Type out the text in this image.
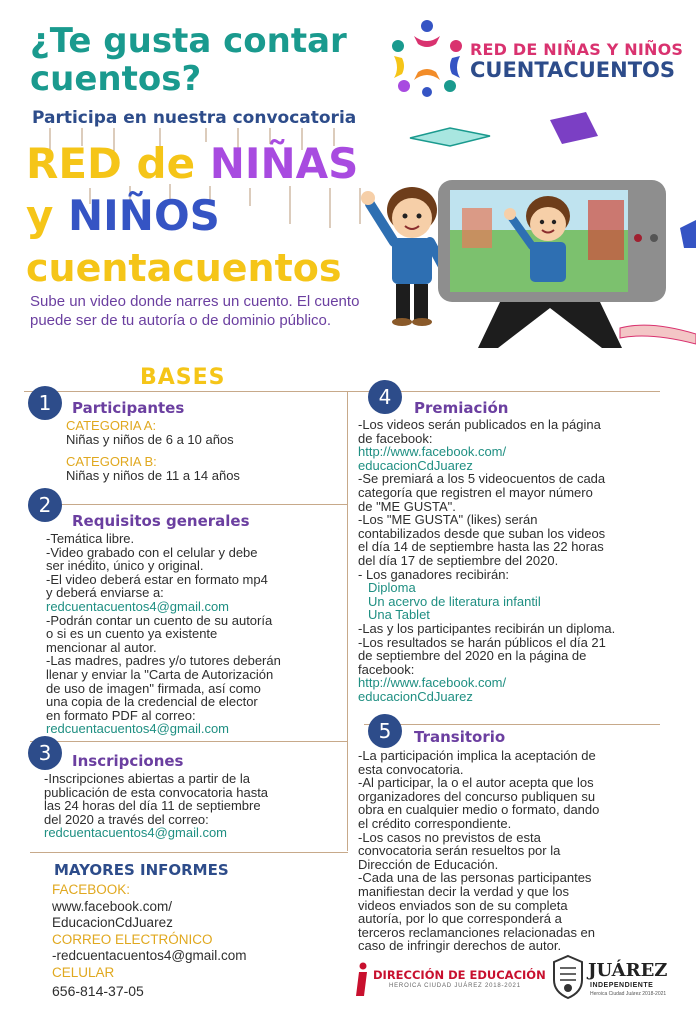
¿Te gusta contar
cuentos?
Participa en nuestra convocatoria
RED DE NIÑAS Y NIÑOS
CUENTACUENTOS
RED de NIÑAS
y NIÑOS
cuentacuentos
Sube un video donde narres un cuento. El cuento puede ser de tu autoría o de dominio público.
BASES
1	Participantes
CATEGORIA A:
Niñas y niños de 6 a 10 años
CATEGORIA B:
Niñas y niños de 11 a 14 años
2
Requisitos generales
-Temática libre.
-Video grabado con el celular y debe
ser inédito, único y original.
-El video deberá estar en formato mp4
y deberá enviarse a:
redcuentacuentos4@gmail.com
-Podrán contar un cuento de su autoría
o si es un cuento ya existente
mencionar al autor.
-Las madres, padres y/o tutores deberán
llenar y enviar la "Carta de Autorización
de uso de imagen" firmada, así como
una copia de la credencial de elector
en formato PDF al correo:
redcuentacuentos4@gmail.com
3	Inscripciones
-Inscripciones abiertas a partir de la
publicación de esta convocatoria hasta
las 24 horas del día 11 de septiembre
del 2020 a través del correo:
redcuentacuentos4@gmail.com
4	Premiación
-Los videos serán publicados en la página
de facebook:
http://www.facebook.com/
educacionCdJuarez
-Se premiará a los 5 videocuentos de cada
categoría que registren el mayor número
de "ME GUSTA".
-Los "ME GUSTA" (likes) serán
contabilizados desde que suban los videos
el día 14 de septiembre hasta las 22 horas
del día 17 de septiembre del 2020.
- Los ganadores recibirán:
Diploma
Un acervo de literatura infantil
Una Tablet
-Las y los participantes recibirán un diploma.
-Los resultados se harán públicos el día 21
de septiembre del 2020 en la página de
facebook:
http://www.facebook.com/
educacionCdJuarez
5	Transitorio
-La participación implica la aceptación de
esta convocatoria.
-Al participar, la o el autor acepta que los
organizadores del concurso publiquen su
obra en cualquier medio o formato, dando
el crédito correspondiente.
-Los casos no previstos de esta
convocatoria serán resueltos por la
Dirección de Educación.
-Cada una de las personas participantes
manifiestan decir la verdad y que los
videos enviados son de su completa
autoría, por lo que corresponderá a
terceros reclamanciones relacionadas en
caso de infringir derechos de autor.
MAYORES INFORMES
FACEBOOK:
www.facebook.com/
EducacionCdJuarez
CORREO ELECTRÓNICO
-redcuentacuentos4@gmail.com
CELULAR
656-814-37-05
DIRECCIÓN DE EDUCACIÓN
HEROICA CIUDAD JUÁREZ 2018-2021
JUÁREZ
INDEPENDIENTE
Heroica Ciudad Juárez 2018-2021
